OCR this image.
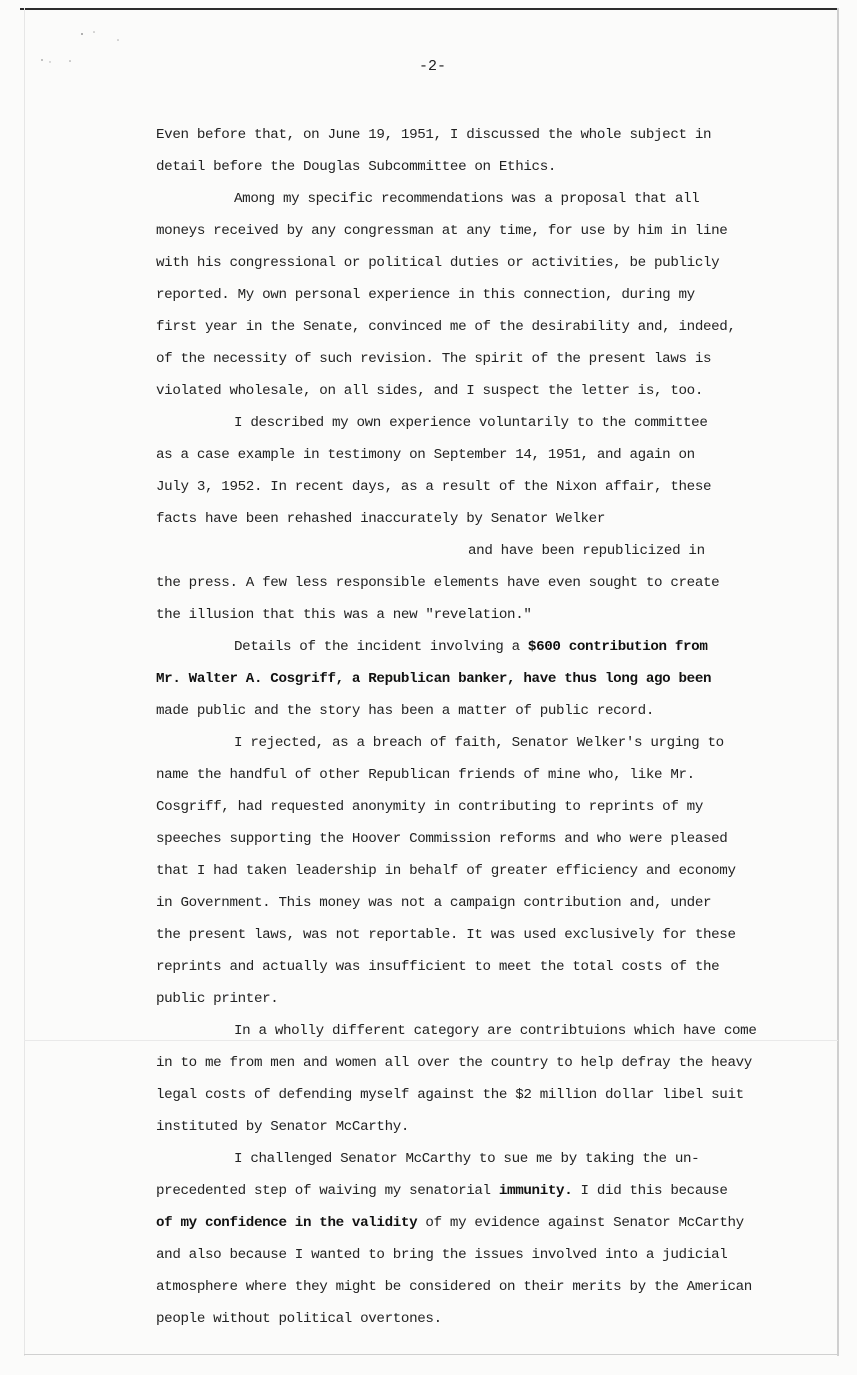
-2-
Even before that, on June 19, 1951, I discussed the whole subject in
detail before the Douglas Subcommittee on Ethics.
Among my specific recommendations was a proposal that all
moneys received by any congressman at any time, for use by him in line
with his congressional or political duties or activities, be publicly
reported. My own personal experience in this connection, during my
first year in the Senate, convinced me of the desirability and, indeed,
of the necessity of such revision. The spirit of the present laws is
violated wholesale, on all sides, and I suspect the letter is, too.
I described my own experience voluntarily to the committee
as a case example in testimony on September 14, 1951, and again on
July 3, 1952. In recent days, as a result of the Nixon affair, these
facts have been rehashed inaccurately by Senator Welker
and have been republicized in
the press. A few less responsible elements have even sought to create
the illusion that this was a new "revelation."
Details of the incident involving a $600 contribution from
Mr. Walter A. Cosgriff, a Republican banker, have thus long ago been
made public and the story has been a matter of public record.
I rejected, as a breach of faith, Senator Welker's urging to
name the handful of other Republican friends of mine who, like Mr.
Cosgriff, had requested anonymity in contributing to reprints of my
speeches supporting the Hoover Commission reforms and who were pleased
that I had taken leadership in behalf of greater efficiency and economy
in Government. This money was not a campaign contribution and, under
the present laws, was not reportable. It was used exclusively for these
reprints and actually was insufficient to meet the total costs of the
public printer.
In a wholly different category are contribtuions which have come
in to me from men and women all over the country to help defray the heavy
legal costs of defending myself against the $2 million dollar libel suit
instituted by Senator McCarthy.
I challenged Senator McCarthy to sue me by taking the un-
precedented step of waiving my senatorial immunity. I did this because
of my confidence in the validity of my evidence against Senator McCarthy
and also because I wanted to bring the issues involved into a judicial
atmosphere where they might be considered on their merits by the American
people without political overtones.
